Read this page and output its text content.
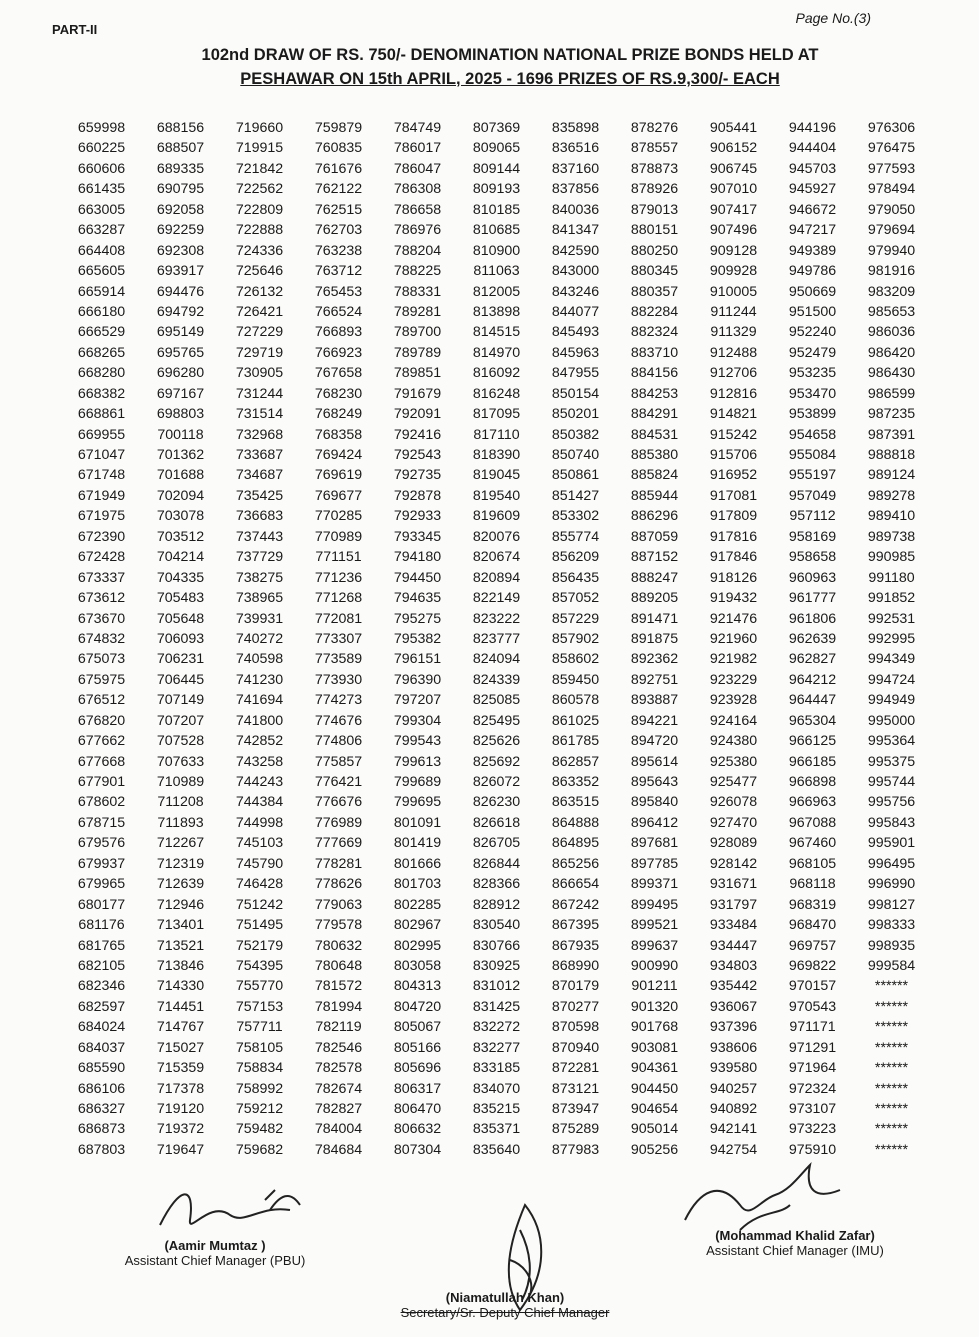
PART-II
Page No.(3)
102nd DRAW OF RS. 750/- DENOMINATION NATIONAL PRIZE BONDS HELD AT
PESHAWAR ON 15th APRIL, 2025 - 1696 PRIZES OF RS.9,300/- EACH
659998
660225
660606
661435
663005
663287
664408
665605
665914
666180
666529
668265
668280
668382
668861
669955
671047
671748
671949
671975
672390
672428
673337
673612
673670
674832
675073
675975
676512
676820
677662
677668
677901
678602
678715
679576
679937
679965
680177
681176
681765
682105
682346
682597
684024
684037
685590
686106
686327
686873
687803
688156
688507
689335
690795
692058
692259
692308
693917
694476
694792
695149
695765
696280
697167
698803
700118
701362
701688
702094
703078
703512
704214
704335
705483
705648
706093
706231
706445
707149
707207
707528
707633
710989
711208
711893
712267
712319
712639
712946
713401
713521
713846
714330
714451
714767
715027
715359
717378
719120
719372
719647
719660
719915
721842
722562
722809
722888
724336
725646
726132
726421
727229
729719
730905
731244
731514
732968
733687
734687
735425
736683
737443
737729
738275
738965
739931
740272
740598
741230
741694
741800
742852
743258
744243
744384
744998
745103
745790
746428
751242
751495
752179
754395
755770
757153
757711
758105
758834
758992
759212
759482
759682
759879
760835
761676
762122
762515
762703
763238
763712
765453
766524
766893
766923
767658
768230
768249
768358
769424
769619
769677
770285
770989
771151
771236
771268
772081
773307
773589
773930
774273
774676
774806
775857
776421
776676
776989
777669
778281
778626
779063
779578
780632
780648
781572
781994
782119
782546
782578
782674
782827
784004
784684
784749
786017
786047
786308
786658
786976
788204
788225
788331
789281
789700
789789
789851
791679
792091
792416
792543
792735
792878
792933
793345
794180
794450
794635
795275
795382
796151
796390
797207
799304
799543
799613
799689
799695
801091
801419
801666
801703
802285
802967
802995
803058
804313
804720
805067
805166
805696
806317
806470
806632
807304
807369
809065
809144
809193
810185
810685
810900
811063
812005
813898
814515
814970
816092
816248
817095
817110
818390
819045
819540
819609
820076
820674
820894
822149
823222
823777
824094
824339
825085
825495
825626
825692
826072
826230
826618
826705
826844
828366
828912
830540
830766
830925
831012
831425
832272
832277
833185
834070
835215
835371
835640
835898
836516
837160
837856
840036
841347
842590
843000
843246
844077
845493
845963
847955
850154
850201
850382
850740
850861
851427
853302
855774
856209
856435
857052
857229
857902
858602
859450
860578
861025
861785
862857
863352
863515
864888
864895
865256
866654
867242
867395
867935
868990
870179
870277
870598
870940
872281
873121
873947
875289
877983
878276
878557
878873
878926
879013
880151
880250
880345
880357
882284
882324
883710
884156
884253
884291
884531
885380
885824
885944
886296
887059
887152
888247
889205
891471
891875
892362
892751
893887
894221
894720
895614
895643
895840
896412
897681
897785
899371
899495
899521
899637
900990
901211
901320
901768
903081
904361
904450
904654
905014
905256
905441
906152
906745
907010
907417
907496
909128
909928
910005
911244
911329
912488
912706
912816
914821
915242
915706
916952
917081
917809
917816
917846
918126
919432
921476
921960
921982
923229
923928
924164
924380
925380
925477
926078
927470
928089
928142
931671
931797
933484
934447
934803
935442
936067
937396
938606
939580
940257
940892
942141
942754
944196
944404
945703
945927
946672
947217
949389
949786
950669
951500
952240
952479
953235
953470
953899
954658
955084
955197
957049
957112
958169
958658
960963
961777
961806
962639
962827
964212
964447
965304
966125
966185
966898
966963
967088
967460
968105
968118
968319
968470
969757
969822
970157
970543
971171
971291
971964
972324
973107
973223
975910
976306
976475
977593
978494
979050
979694
979940
981916
983209
985653
986036
986420
986430
986599
987235
987391
988818
989124
989278
989410
989738
990985
991180
991852
992531
992995
994349
994724
994949
995000
995364
995375
995744
995756
995843
995901
996495
996990
998127
998333
998935
999584
******
******
******
******
******
******
******
******
******
(Aamir Mumtaz )
Assistant Chief Manager (PBU)
(Niamatullah Khan)
Secretary/Sr. Deputy Chief Manager
(Mohammad Khalid Zafar)
Assistant Chief Manager (IMU)
